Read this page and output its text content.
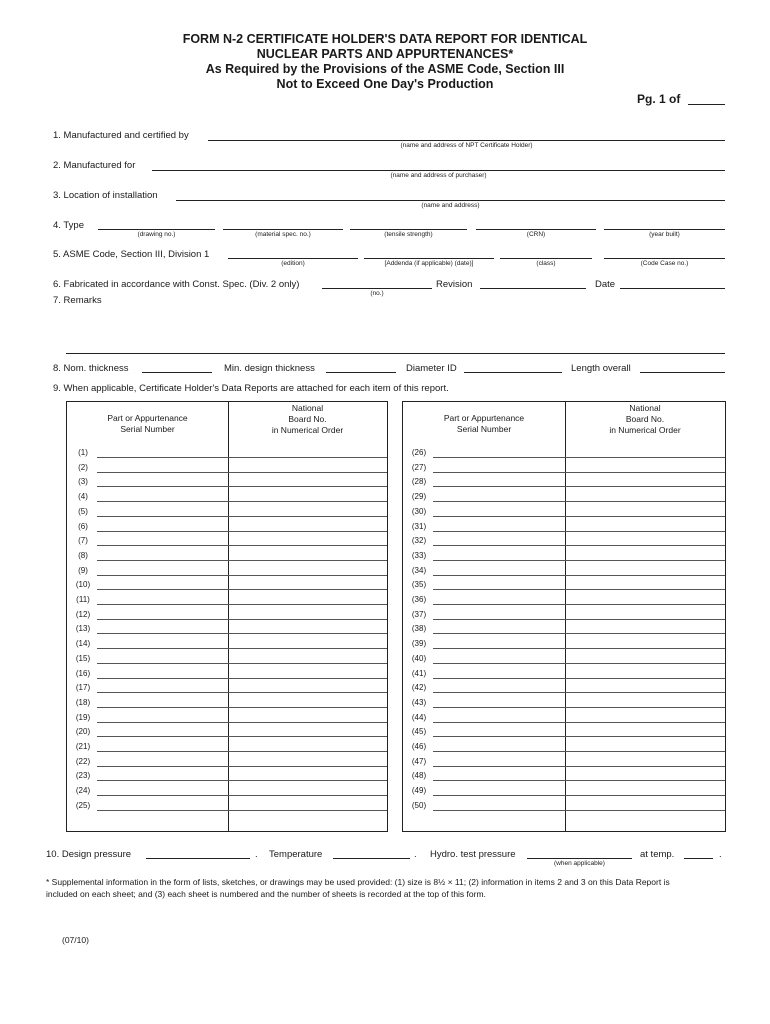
FORM N-2 CERTIFICATE HOLDER'S DATA REPORT FOR IDENTICAL
NUCLEAR PARTS AND APPURTENANCES*
As Required by the Provisions of the ASME Code, Section III
Not to Exceed One Day's Production
Pg. 1 of
1. Manufactured and certified by
(name and address of NPT Certificate Holder)
2. Manufactured for
(name and address of purchaser)
3. Location of installation
(name and address)
4. Type
(drawing no.)	(material spec. no.)	(tensile strength)	(CRN)	(year built)
5. ASME Code, Section III, Division 1
(edition)	[Addenda (if applicable) (date)]	(class)	(Code Case no.)
6. Fabricated in accordance with Const. Spec. (Div. 2 only)
(no.)
Revision	Date
7. Remarks
8. Nom. thickness	Min. design thickness	Diameter ID	Length overall
9. When applicable, Certificate Holder's Data Reports are attached for each item of this report.
Part or Appurtenance
Serial Number
National
Board No.
in Numerical Order
(1)
(2)
(3)
(4)
(5)
(6)
(7)
(8)
(9)
(10)
(11)
(12)
(13)
(14)
(15)
(16)
(17)
(18)
(19)
(20)
(21)
(22)
(23)
(24)
(25)
Part or Appurtenance
Serial Number
National
Board No.
in Numerical Order
(26)
(27)
(28)
(29)
(30)
(31)
(32)
(33)
(34)
(35)
(36)
(37)
(38)
(39)
(40)
(41)
(42)
(43)
(44)
(45)
(46)
(47)
(48)
(49)
(50)
10. Design pressure	. Temperature	. Hydro. test pressure
(when applicable)
at temp.	.
* Supplemental information in the form of lists, sketches, or drawings may be used provided: (1) size is 8½ × 11; (2) information in items 2 and 3 on this Data Report is
included on each sheet; and (3) each sheet is numbered and the number of sheets is recorded at the top of this form.
(07/10)
